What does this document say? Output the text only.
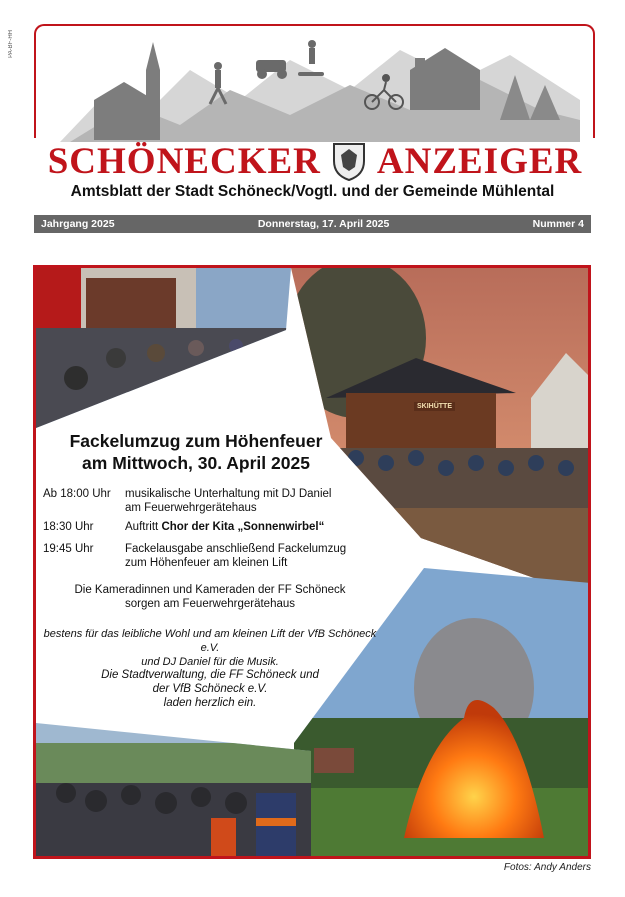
PA-BF-HH
SCHÖNECKER ANZEIGER
Amtsblatt der Stadt Schöneck/Vogtl. und der Gemeinde Mühlental
Jahrgang 2025	Donnerstag, 17. April 2025	Nummer 4
SKIHÜTTE
Fackelumzug zum Höhenfeuer
am Mittwoch, 30. April 2025
Ab 18:00 Uhr	musikalische Unterhaltung mit DJ Daniel
am Feuerwehrgerätehaus
18:30 Uhr	Auftritt Chor der Kita „Sonnenwirbel“
19:45 Uhr	Fackelausgabe anschließend Fackelumzug
zum Höhenfeuer am kleinen Lift
Die Kameradinnen und Kameraden der FF Schöneck
sorgen am Feuerwehrgerätehaus
bestens für das leibliche Wohl und am kleinen Lift der VfB Schöneck e.V.
und DJ Daniel für die Musik.
Die Stadtverwaltung, die FF Schöneck und
der VfB Schöneck e.V.
laden herzlich ein.
Fotos: Andy Anders
